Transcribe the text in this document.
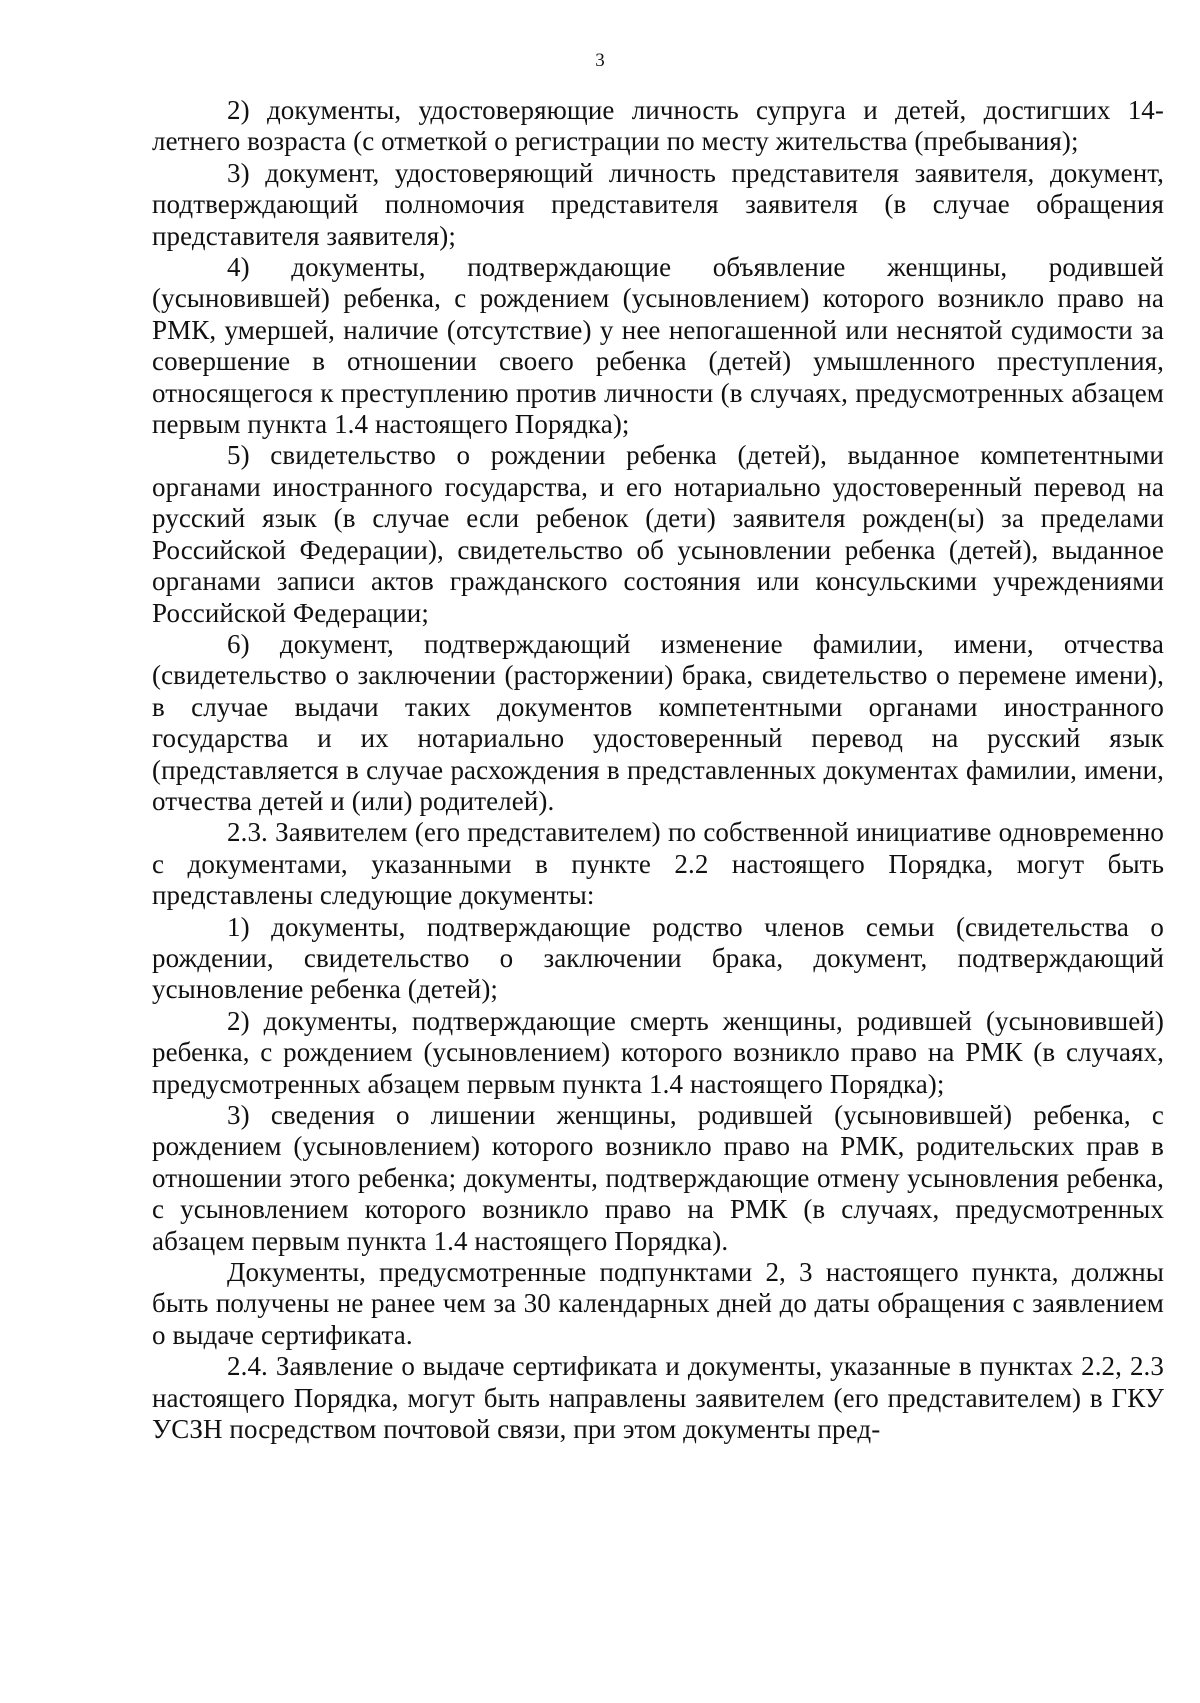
3

2) документы, удостоверяющие личность супруга и детей, достигших 14-летнего возраста (с отметкой о регистрации по месту жительства (пребывания);

3) документ, удостоверяющий личность представителя заявителя, документ, подтверждающий полномочия представителя заявителя (в случае обращения представителя заявителя);

4) документы, подтверждающие объявление женщины, родившей (усыновившей) ребенка, с рождением (усыновлением) которого возникло право на РМК, умершей, наличие (отсутствие) у нее непогашенной или неснятой судимости за совершение в отношении своего ребенка (детей) умышленного преступления, относящегося к преступлению против личности (в случаях, предусмотренных абзацем первым пункта 1.4 настоящего Порядка);

5) свидетельство о рождении ребенка (детей), выданное компетентными органами иностранного государства, и его нотариально удостоверенный перевод на русский язык (в случае если ребенок (дети) заявителя рожден(ы) за пределами Российской Федерации), свидетельство об усыновлении ребенка (детей), выданное органами записи актов гражданского состояния или консульскими учреждениями Российской Федерации;

6) документ, подтверждающий изменение фамилии, имени, отчества (свидетельство о заключении (расторжении) брака, свидетельство о перемене имени), в случае выдачи таких документов компетентными органами иностранного государства и их нотариально удостоверенный перевод на русский язык (представляется в случае расхождения в представленных документах фамилии, имени, отчества детей и (или) родителей).

2.3. Заявителем (его представителем) по собственной инициативе одновременно с документами, указанными в пункте 2.2 настоящего Порядка, могут быть представлены следующие документы:

1) документы, подтверждающие родство членов семьи (свидетельства о рождении, свидетельство о заключении брака, документ, подтверждающий усыновление ребенка (детей);

2) документы, подтверждающие смерть женщины, родившей (усыновившей) ребенка, с рождением (усыновлением) которого возникло право на РМК (в случаях, предусмотренных абзацем первым пункта 1.4 настоящего Порядка);

3) сведения о лишении женщины, родившей (усыновившей) ребенка, с рождением (усыновлением) которого возникло право на РМК, родительских прав в отношении этого ребенка; документы, подтверждающие отмену усыновления ребенка, с усыновлением которого возникло право на РМК (в случаях, предусмотренных абзацем первым пункта 1.4 настоящего Порядка).

Документы, предусмотренные подпунктами 2, 3 настоящего пункта, должны быть получены не ранее чем за 30 календарных дней до даты обращения с заявлением о выдаче сертификата.

2.4. Заявление о выдаче сертификата и документы, указанные в пунктах 2.2, 2.3 настоящего Порядка, могут быть направлены заявителем (его представителем) в ГКУ УСЗН посредством почтовой связи, при этом документы пред-
